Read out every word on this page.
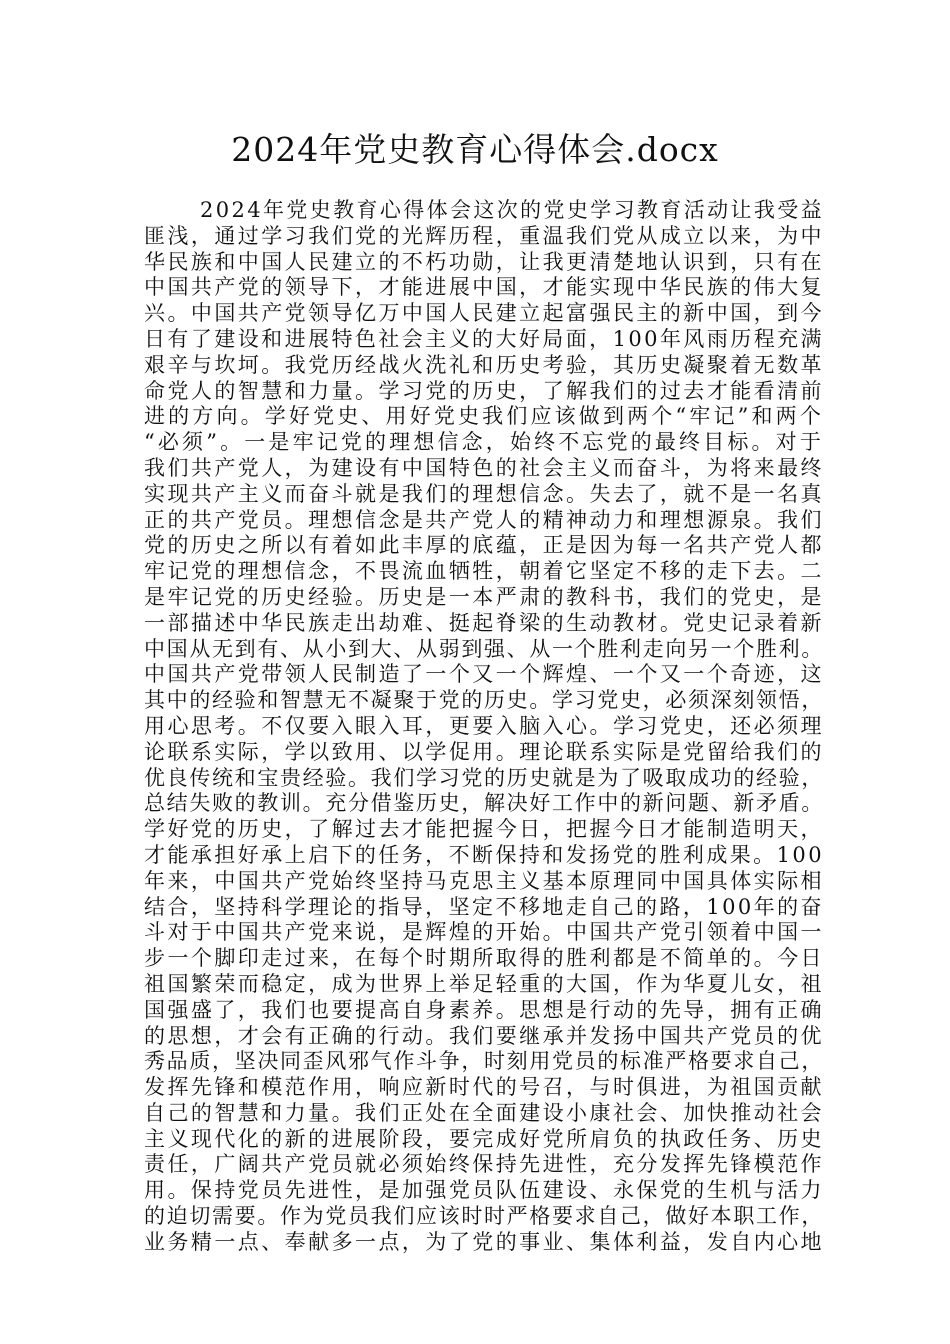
2024年党史教育心得体会.docx
2024年党史教育心得体会这次的党史学习教育活动让我受益
匪浅，通过学习我们党的光辉历程，重温我们党从成立以来，为中
华民族和中国人民建立的不朽功勋，让我更清楚地认识到，只有在
中国共产党的领导下，才能进展中国，才能实现中华民族的伟大复
兴。中国共产党领导亿万中国人民建立起富强民主的新中国，到今
日有了建设和进展特色社会主义的大好局面，100年风雨历程充满
艰辛与坎坷。我党历经战火洗礼和历史考验，其历史凝聚着无数革
命党人的智慧和力量。学习党的历史，了解我们的过去才能看清前
进的方向。学好党史、用好党史我们应该做到两个“牢记”和两个
“必须”。一是牢记党的理想信念，始终不忘党的最终目标。对于
我们共产党人，为建设有中国特色的社会主义而奋斗，为将来最终
实现共产主义而奋斗就是我们的理想信念。失去了，就不是一名真
正的共产党员。理想信念是共产党人的精神动力和理想源泉。我们
党的历史之所以有着如此丰厚的底蕴，正是因为每一名共产党人都
牢记党的理想信念，不畏流血牺牲，朝着它坚定不移的走下去。二
是牢记党的历史经验。历史是一本严肃的教科书，我们的党史，是
一部描述中华民族走出劫难、挺起脊梁的生动教材。党史记录着新
中国从无到有、从小到大、从弱到强、从一个胜利走向另一个胜利。
中国共产党带领人民制造了一个又一个辉煌、一个又一个奇迹，这
其中的经验和智慧无不凝聚于党的历史。学习党史，必须深刻领悟，
用心思考。不仅要入眼入耳，更要入脑入心。学习党史，还必须理
论联系实际，学以致用、以学促用。理论联系实际是党留给我们的
优良传统和宝贵经验。我们学习党的历史就是为了吸取成功的经验，
总结失败的教训。充分借鉴历史，解决好工作中的新问题、新矛盾。
学好党的历史，了解过去才能把握今日，把握今日才能制造明天，
才能承担好承上启下的任务，不断保持和发扬党的胜利成果。100
年来，中国共产党始终坚持马克思主义基本原理同中国具体实际相
结合，坚持科学理论的指导，坚定不移地走自己的路，100年的奋
斗对于中国共产党来说，是辉煌的开始。中国共产党引领着中国一
步一个脚印走过来，在每个时期所取得的胜利都是不简单的。今日
祖国繁荣而稳定，成为世界上举足轻重的大国，作为华夏儿女，祖
国强盛了，我们也要提高自身素养。思想是行动的先导，拥有正确
的思想，才会有正确的行动。我们要继承并发扬中国共产党员的优
秀品质，坚决同歪风邪气作斗争，时刻用党员的标准严格要求自己，
发挥先锋和模范作用，响应新时代的号召，与时俱进，为祖国贡献
自己的智慧和力量。我们正处在全面建设小康社会、加快推动社会
主义现代化的新的进展阶段，要完成好党所肩负的执政任务、历史
责任，广阔共产党员就必须始终保持先进性，充分发挥先锋模范作
用。保持党员先进性，是加强党员队伍建设、永保党的生机与活力
的迫切需要。作为党员我们应该时时严格要求自己，做好本职工作，
业务精一点、奉献多一点，为了党的事业、集体利益，发自内心地
